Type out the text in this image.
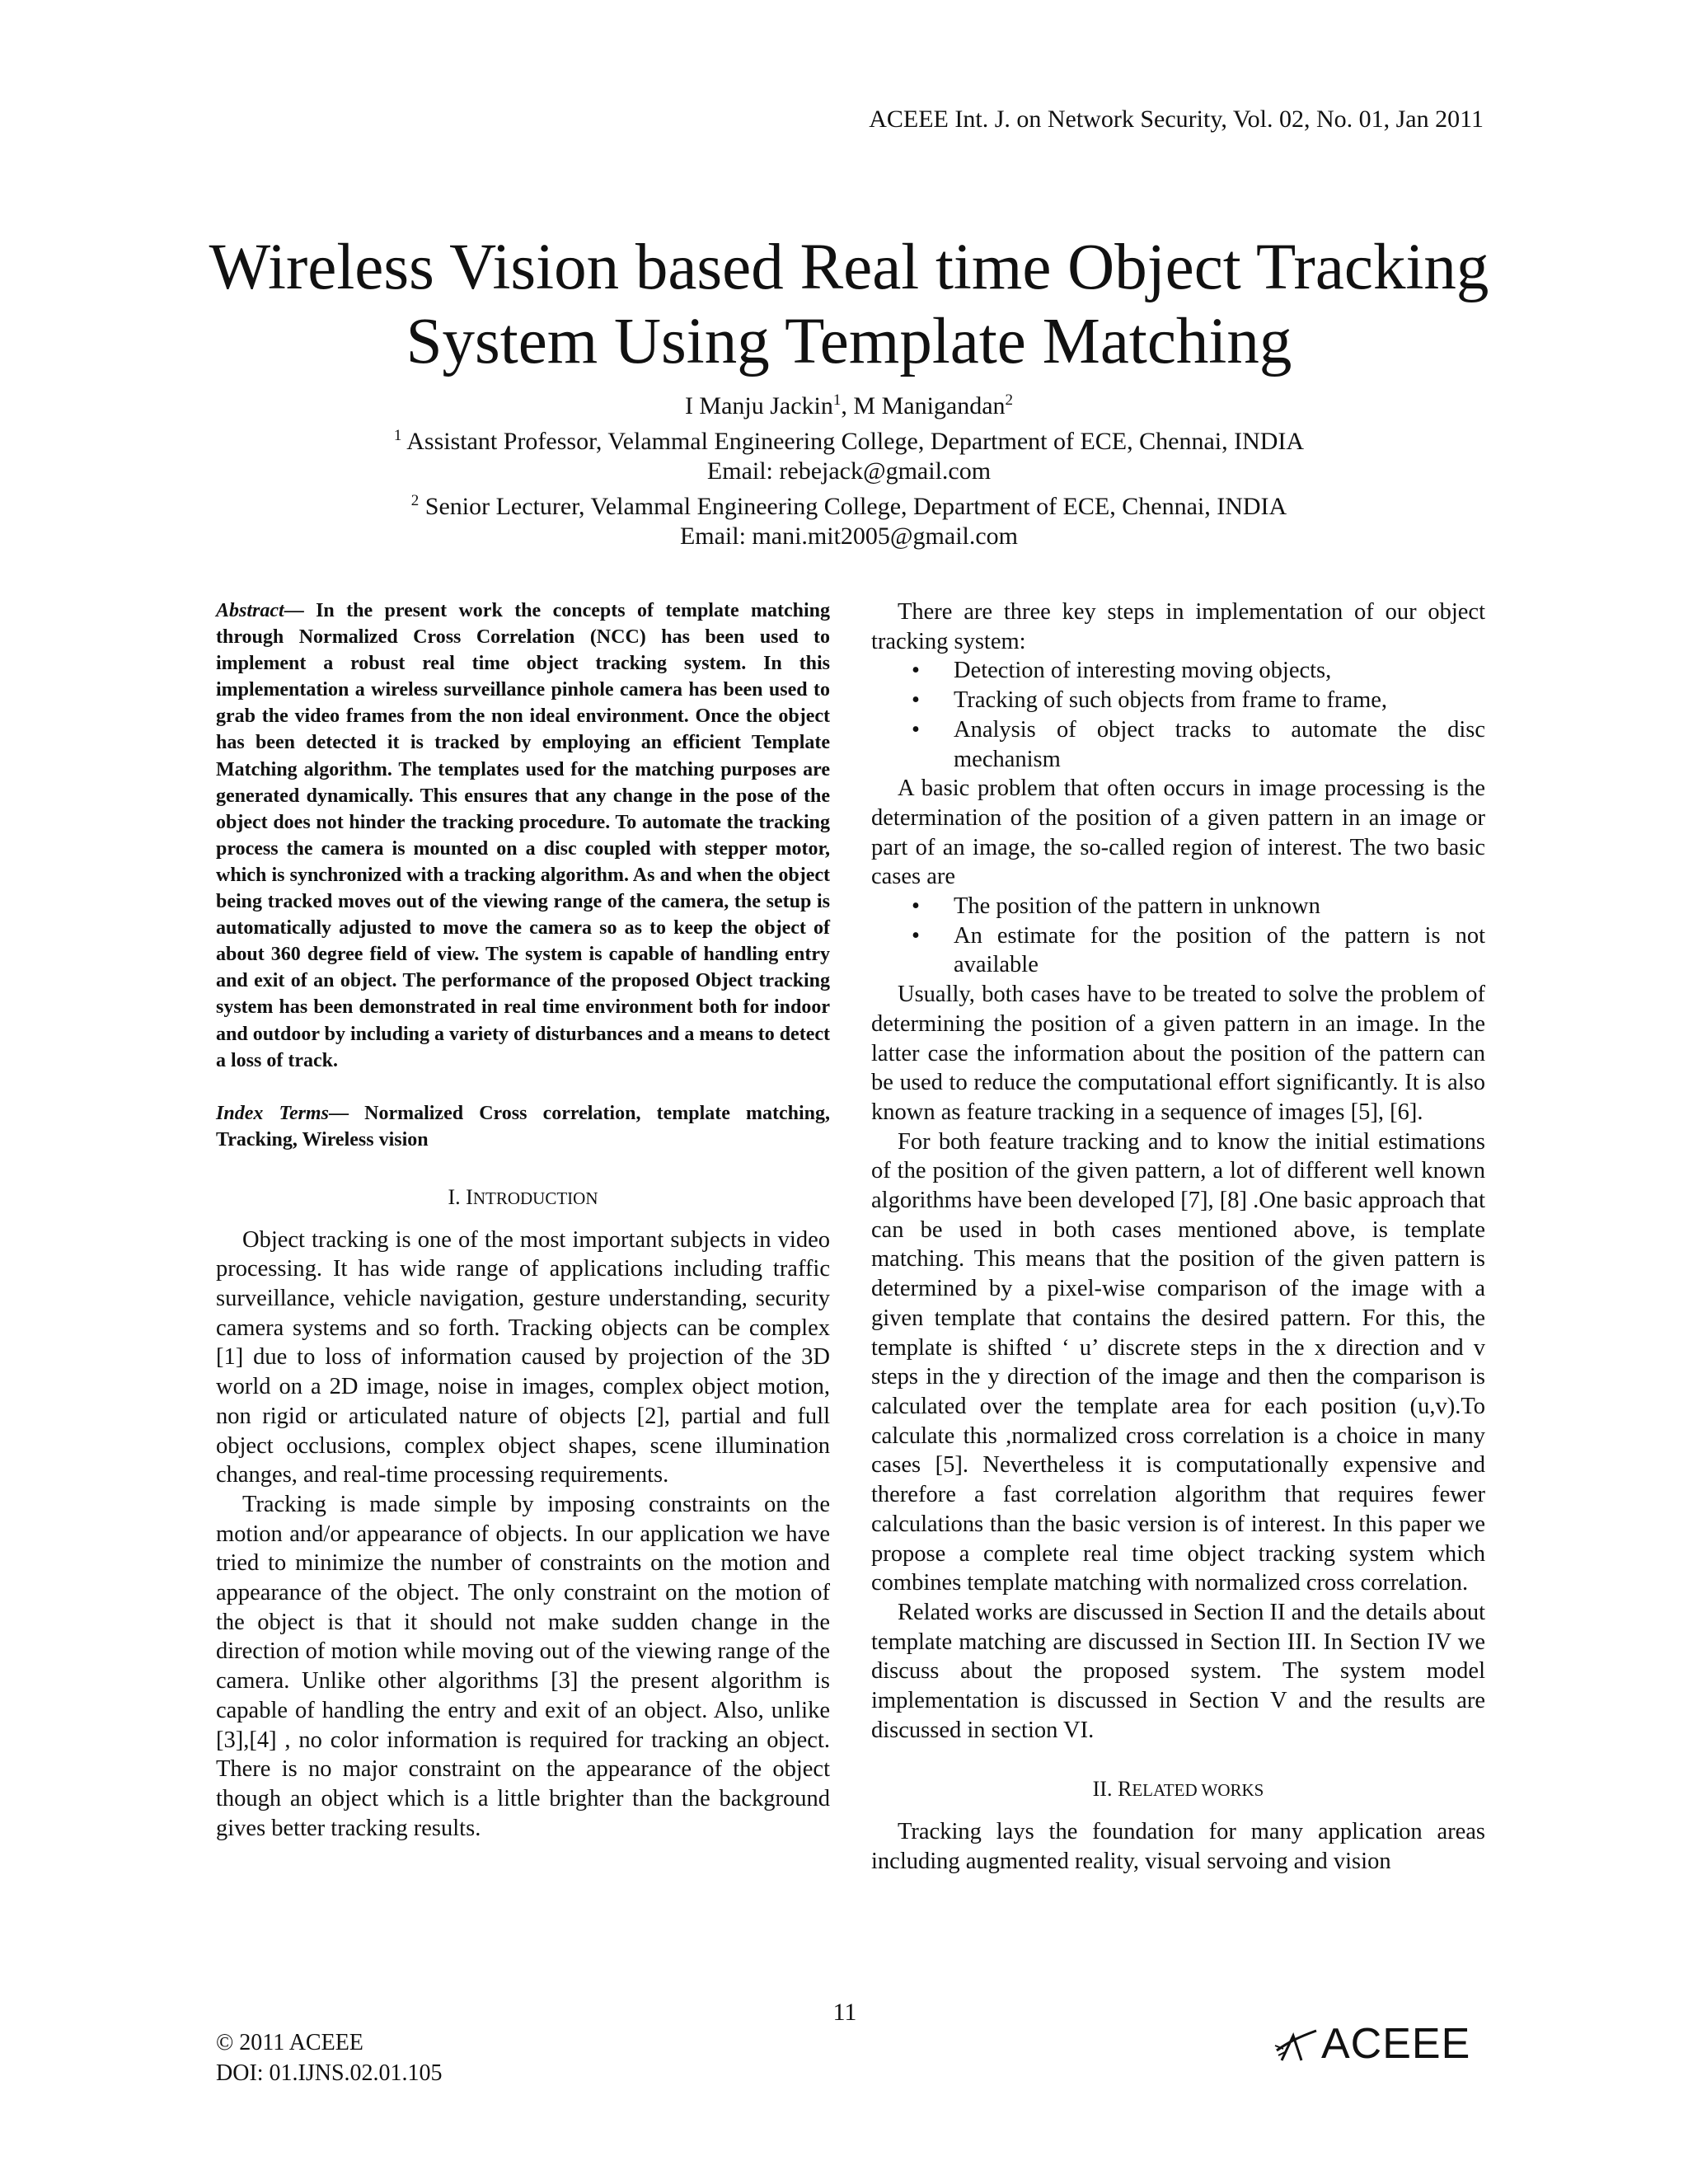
ACEEE Int. J. on Network Security, Vol. 02, No. 01, Jan 2011
Wireless Vision based Real time Object Tracking
System Using Template Matching
I Manju Jackin$^1$, M Manigandan$^2$
$^1$ Assistant Professor, Velammal Engineering College, Department of ECE, Chennai, INDIA
Email: rebejack@gmail.com
$^2$ Senior Lecturer, Velammal Engineering College, Department of ECE, Chennai, INDIA
Email: mani.mit2005@gmail.com
Abstract— In the present work the concepts of template matching through Normalized Cross Correlation (NCC) has been used to implement a robust real time object tracking system. In this implementation a wireless surveillance pinhole camera has been used to grab the video frames from the non ideal environment. Once the object has been detected it is tracked by employing an efficient Template Matching algorithm. The templates used for the matching purposes are generated dynamically. This ensures that any change in the pose of the object does not hinder the tracking procedure. To automate the tracking process the camera is mounted on a disc coupled with stepper motor, which is synchronized with a tracking algorithm. As and when the object being tracked moves out of the viewing range of the camera, the setup is automatically adjusted to move the camera so as to keep the object of about 360 degree field of view. The system is capable of handling entry and exit of an object. The performance of the proposed Object tracking system has been demonstrated in real time environment both for indoor and outdoor by including a variety of disturbances and a means to detect a loss of track.
Index Terms— Normalized Cross correlation, template matching, Tracking, Wireless vision
I. INTRODUCTION

Object tracking is one of the most important subjects in video processing. It has wide range of applications including traffic surveillance, vehicle navigation, gesture understanding, security camera systems and so forth. Tracking objects can be complex [1] due to loss of information caused by projection of the 3D world on a 2D image, noise in images, complex object motion, non rigid or articulated nature of objects [2], partial and full object occlusions, complex object shapes, scene illumination changes, and real-time processing requirements.

Tracking is made simple by imposing constraints on the motion and/or appearance of objects. In our application we have tried to minimize the number of constraints on the motion and appearance of the object. The only constraint on the motion of the object is that it should not make sudden change in the direction of motion while moving out of the viewing range of the camera. Unlike other algorithms [3] the present algorithm is capable of handling the entry and exit of an object. Also, unlike [3],[4] , no color information is required for tracking an object. There is no major constraint on the appearance of the object though an object which is a little brighter than the background gives better tracking results.

There are three key steps in implementation of our object tracking system:

• Detection of interesting moving objects,
• Tracking of such objects from frame to frame,
• Analysis of object tracks to automate the disc mechanism

A basic problem that often occurs in image processing is the determination of the position of a given pattern in an image or part of an image, the so-called region of interest. The two basic cases are

• The position of the pattern in unknown
• An estimate for the position of the pattern is not available

Usually, both cases have to be treated to solve the problem of determining the position of a given pattern in an image. In the latter case the information about the position of the pattern can be used to reduce the computational effort significantly. It is also known as feature tracking in a sequence of images [5], [6].

For both feature tracking and to know the initial estimations of the position of the given pattern, a lot of different well known algorithms have been developed [7], [8] .One basic approach that can be used in both cases mentioned above, is template matching. This means that the position of the given pattern is determined by a pixel-wise comparison of the image with a given template that contains the desired pattern. For this, the template is shifted ‘ u’ discrete steps in the x direction and v steps in the y direction of the image and then the comparison is calculated over the template area for each position (u,v).To calculate this ,normalized cross correlation is a choice in many cases [5]. Nevertheless it is computationally expensive and therefore a fast correlation algorithm that requires fewer calculations than the basic version is of interest. In this paper we propose a complete real time object tracking system which combines template matching with normalized cross correlation.

Related works are discussed in Section II and the details about template matching are discussed in Section III. In Section IV we discuss about the proposed system. The system model implementation is discussed in Section V and the results are discussed in section VI.

II. RELATED WORKS

Tracking lays the foundation for many application areas including augmented reality, visual servoing and vision

11
© 2011 ACEEE
DOI: 01.IJNS.02.01.105
ACEEE
